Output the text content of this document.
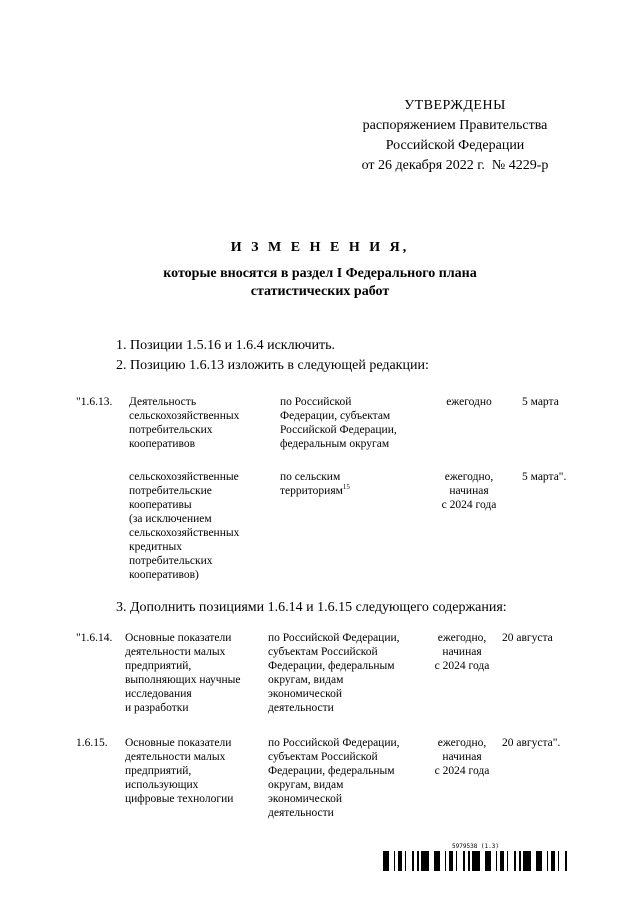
УТВЕРЖДЕНЫ
распоряжением Правительства
Российской Федерации
от 26 декабря 2022 г.  № 4229-р
И З М Е Н Е Н И Я,
которые вносятся в раздел I Федерального плана
статистических работ
1. Позиции 1.5.16 и 1.6.4 исключить.
2. Позицию 1.6.13 изложить в следующей редакции:
"1.6.13. Деятельность
сельскохозяйственных
потребительских
кооперативов
по Российской
Федерации, субъектам
Российской Федерации,
федеральным округам
ежегодно	5 марта
сельскохозяйственные
потребительские
кооперативы
(за исключением
сельскохозяйственных
кредитных
потребительских
кооперативов)
по сельским
территориям$^{15}$
ежегодно,
начиная
с 2024 года
5 марта".
3. Дополнить позициями 1.6.14 и 1.6.15 следующего содержания:
"1.6.14. Основные показатели
деятельности малых
предприятий,
выполняющих научные
исследования
и разработки
по Российской Федерации,
субъектам Российской
Федерации, федеральным
округам, видам
экономической
деятельности
ежегодно,
начиная
с 2024 года
20 августа
1.6.15. Основные показатели
деятельности малых
предприятий,
использующих
цифровые технологии
по Российской Федерации,
субъектам Российской
Федерации, федеральным
округам, видам
экономической
деятельности
ежегодно,
начиная
с 2024 года
20 августа".
5979538 (1.3)
